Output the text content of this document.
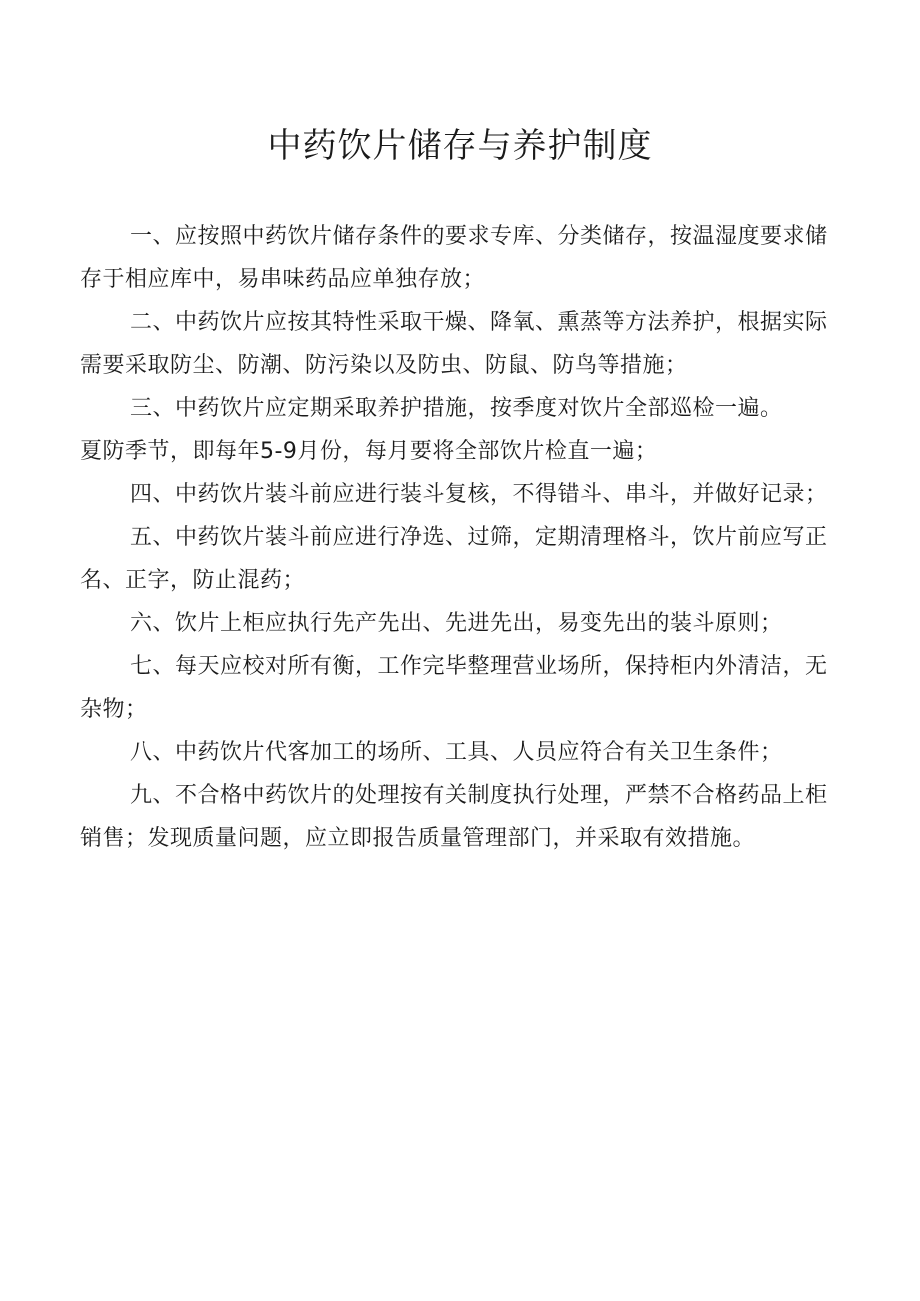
中药饮片储存与养护制度
一、应按照中药饮片储存条件的要求专库、分类储存，按温湿度要求储
存于相应库中，易串味药品应单独存放；
二、中药饮片应按其特性采取干燥、降氧、熏蒸等方法养护，根据实际
需要采取防尘、防潮、防污染以及防虫、防鼠、防鸟等措施；
三、中药饮片应定期采取养护措施，按季度对饮片全部巡检一遍。
夏防季节，即每年5-9月份，每月要将全部饮片检直一遍；
四、中药饮片装斗前应进行装斗复核，不得错斗、串斗，并做好记录；
五、中药饮片装斗前应进行净选、过筛，定期清理格斗，饮片前应写正
名、正字，防止混药；
六、饮片上柜应执行先产先出、先进先出，易变先出的装斗原则；
七、每天应校对所有衡，工作完毕整理营业场所，保持柜内外清洁，无
杂物；
八、中药饮片代客加工的场所、工具、人员应符合有关卫生条件；
九、不合格中药饮片的处理按有关制度执行处理，严禁不合格药品上柜
销售；发现质量问题，应立即报告质量管理部门，并采取有效措施。
